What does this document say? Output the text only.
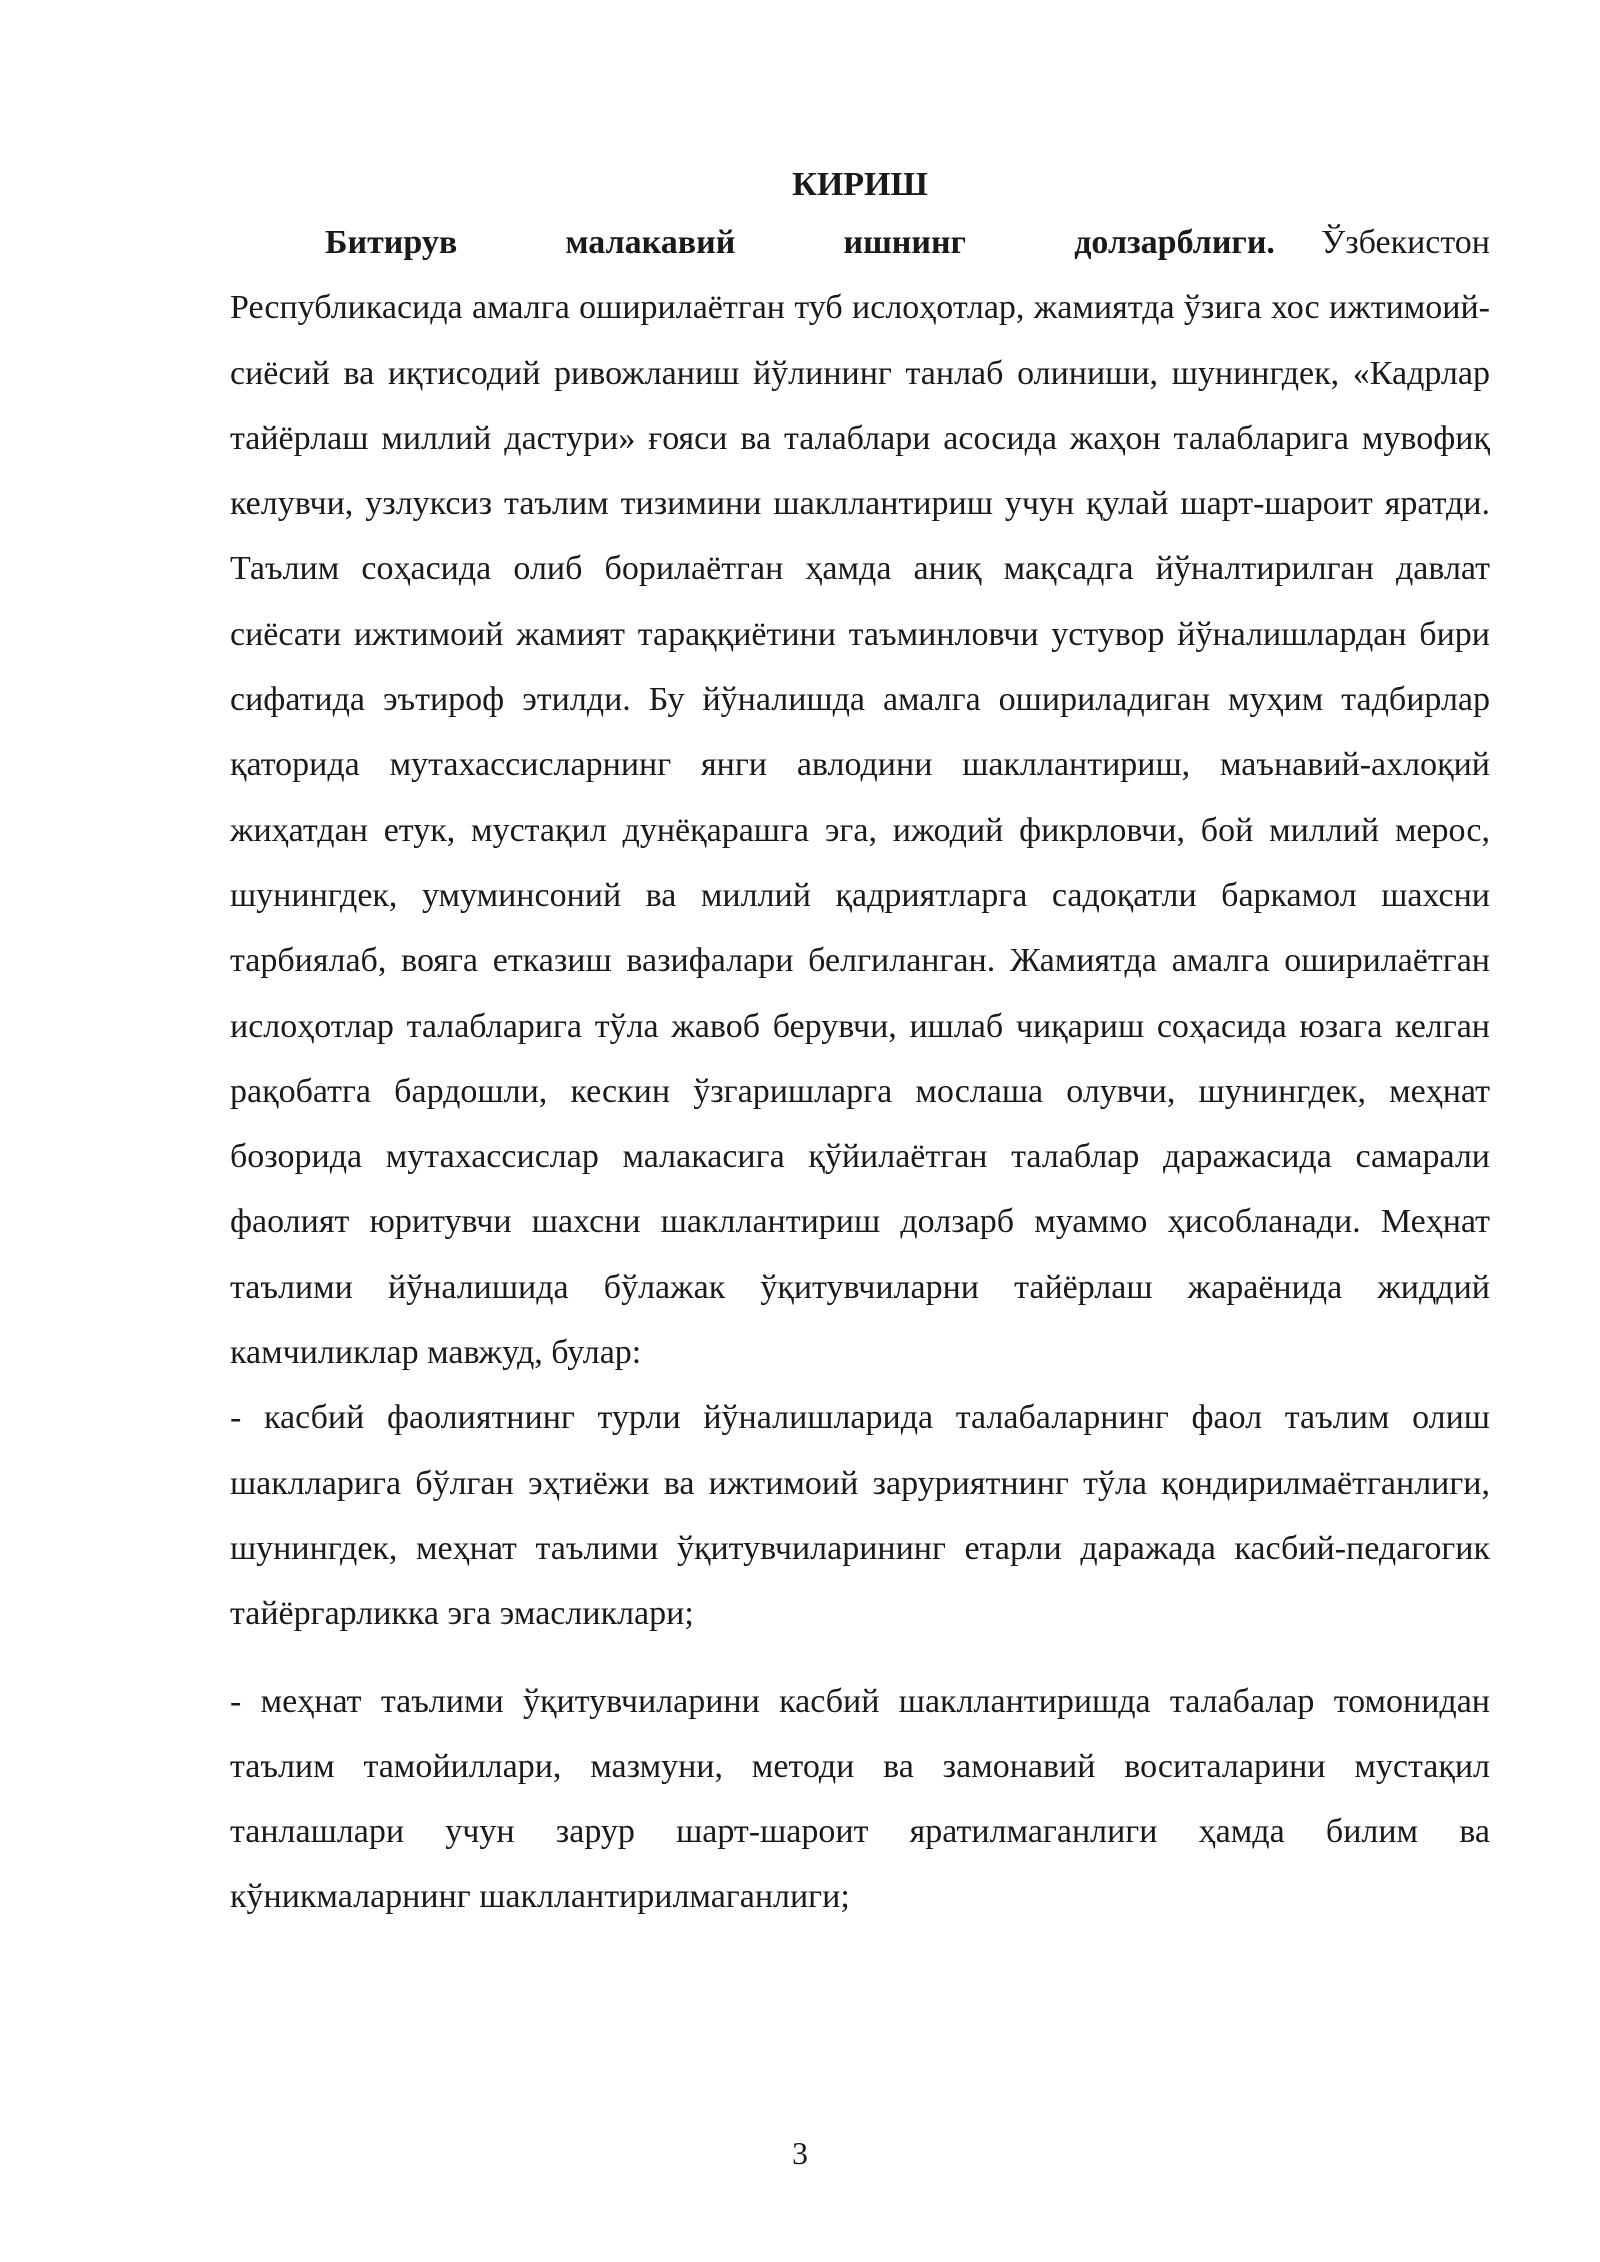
КИРИШ

Битирув малакавий ишнинг долзарблиги. Ўзбекистон Республикасида амалга оширилаётган туб ислоҳотлар, жамиятда ўзига хос ижтимоий-сиёсий ва иқтисодий ривожланиш йўлининг танлаб олиниши, шунингдек, «Кадрлар тайёрлаш миллий дастури» ғояси ва талаблари асосида жаҳон талабларига мувофиқ келувчи, узлуксиз таълим тизимини шакллантириш учун қулай шарт-шароит яратди. Таълим соҳасида олиб борилаётган ҳамда аниқ мақсадга йўналтирилган давлат сиёсати ижтимоий жамият тараққиётини таъминловчи устувор йўналишлардан бири сифатида эътироф этилди. Бу йўналишда амалга ошириладиган муҳим тадбирлар қаторида мутахассисларнинг янги авлодини шакллантириш, маънавий-ахлоқий жиҳатдан етук, мустақил дунёқарашга эга, ижодий фикрловчи, бой миллий мерос, шунингдек, умуминсоний ва миллий қадриятларга садоқатли баркамол шахсни тарбиялаб, вояга етказиш вазифалари белгиланган. Жамиятда амалга оширилаётган ислоҳотлар талабларига тўла жавоб берувчи, ишлаб чиқариш соҳасида юзага келган рақобатга бардошли, кескин ўзгаришларга мослаша олувчи, шунингдек, меҳнат бозорида мутахассислар малакасига қўйилаётган талаблар даражасида самарали фаолият юритувчи шахсни шакллантириш долзарб муаммо ҳисобланади. Меҳнат таълими йўналишида бўлажак ўқитувчиларни тайёрлаш жараёнида жиддий камчиликлар мавжуд, булар:

- касбий фаолиятнинг турли йўналишларида талабаларнинг фаол таълим олиш шаклларига бўлган эҳтиёжи ва ижтимоий заруриятнинг тўла қондирилмаётганлиги, шунингдек, меҳнат таълими ўқитувчиларининг етарли даражада касбий-педагогик тайёргарликка эга эмасликлари;

- меҳнат таълими ўқитувчиларини касбий шакллантиришда талабалар томонидан таълим тамойиллари, мазмуни, методи ва замонавий воситаларини мустақил танлашлари учун зарур шарт-шароит яратилмаганлиги ҳамда билим ва кўникмаларнинг шакллантирилмаганлиги;

3
